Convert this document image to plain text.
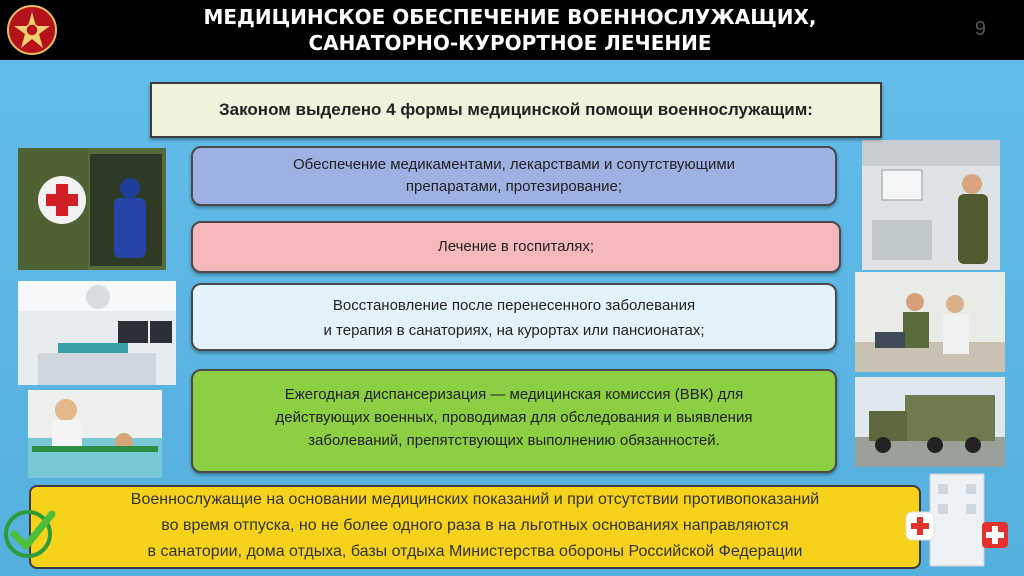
МЕДИЦИНСКОЕ ОБЕСПЕЧЕНИЕ ВОЕННОСЛУЖАЩИХ,
САНАТОРНО-КУРОРТНОЕ ЛЕЧЕНИЕ
9
Законом выделено 4 формы медицинской помощи военнослужащим:
Обеспечение медикаментами, лекарствами и сопутствующими
препаратами, протезирование;
Лечение в госпиталях;
Восстановление после перенесенного заболевания
и терапия в санаториях, на курортах или пансионатах;
Ежегодная диспансеризация — медицинская комиссия (ВВК) для
действующих военных, проводимая для обследования и выявления
заболеваний, препятствующих выполнению обязанностей.
Военнослужащие на основании медицинских показаний и при отсутствии противопоказаний
во время отпуска, но не более одного раза в на льготных основаниях направляются
в санатории, дома отдыха, базы отдыха Министерства обороны Российской Федерации
